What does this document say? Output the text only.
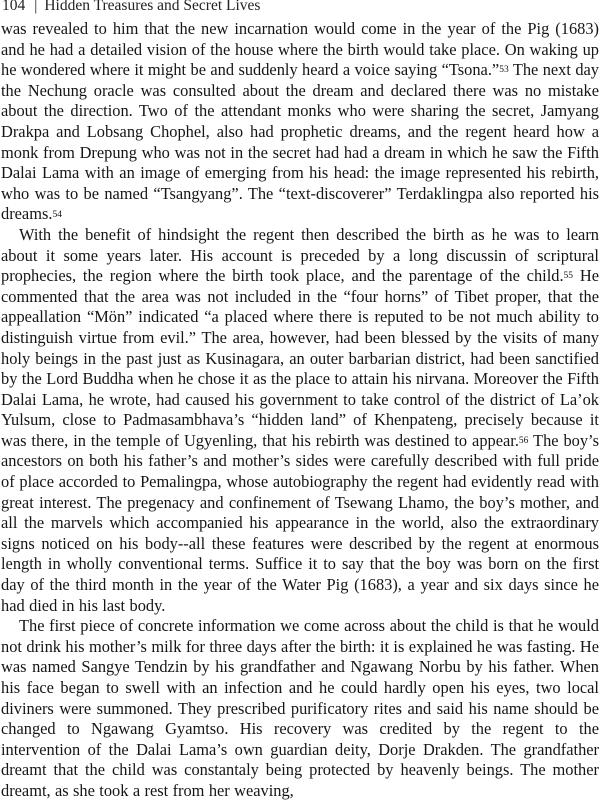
104 | Hidden Treasures and Secret Lives

was revealed to him that the new incarnation would come in the year of the Pig (1683) and he had a detailed vision of the house where the birth would take place. On waking up he wondered where it might be and suddenly heard a voice saying “Tsona.”$^{53}$ The next day the Nechung oracle was consulted about the dream and declared there was no mistake about the direction. Two of the attendant monks who were sharing the secret, Jamyang Drakpa and Lobsang Chophel, also had prophetic dreams, and the regent heard how a monk from Drepung who was not in the secret had had a dream in which he saw the Fifth Dalai Lama with an image of emerging from his head: the image represented his rebirth, who was to be named “Tsangyang”. The “text-discoverer” Terdaklingpa also reported his dreams.$^{54}$

With the benefit of hindsight the regent then described the birth as he was to learn about it some years later. His account is preceded by a long discussin of scriptural prophecies, the region where the birth took place, and the parentage of the child.$^{55}$ He commented that the area was not included in the “four horns” of Tibet proper, that the appeallation “Mön” indicated “a placed where there is reputed to be not much ability to distinguish virtue from evil.” The area, however, had been blessed by the visits of many holy beings in the past just as Kusinagara, an outer barbarian district, had been sanctified by the Lord Buddha when he chose it as the place to attain his nirvana. Moreover the Fifth Dalai Lama, he wrote, had caused his government to take control of the district of La’ok Yulsum, close to Padmasambhava’s “hidden land” of Khenpateng, precisely because it was there, in the temple of Ugyenling, that his rebirth was destined to appear.$^{56}$ The boy’s ancestors on both his father’s and mother’s sides were carefully described with full pride of place accorded to Pemalingpa, whose autobiography the regent had evidently read with great interest. The pregenacy and confinement of Tsewang Lhamo, the boy’s mother, and all the marvels which accompanied his appearance in the world, also the extraordinary signs noticed on his body--all these features were described by the regent at enormous length in wholly conventional terms. Suffice it to say that the boy was born on the first day of the third month in the year of the Water Pig (1683), a year and six days since he had died in his last body.

The first piece of concrete information we come across about the child is that he would not drink his mother’s milk for three days after the birth: it is explained he was fasting. He was named Sangye Tendzin by his grandfather and Ngawang Norbu by his father. When his face began to swell with an infection and he could hardly open his eyes, two local diviners were summoned. They prescribed purificatory rites and said his name should be changed to Ngawang Gyamtso. His recovery was credited by the regent to the intervention of the Dalai Lama’s own guardian deity, Dorje Drakden. The grandfather dreamt that the child was constantaly being protected by heavenly beings. The mother dreamt, as she took a rest from her weaving,
